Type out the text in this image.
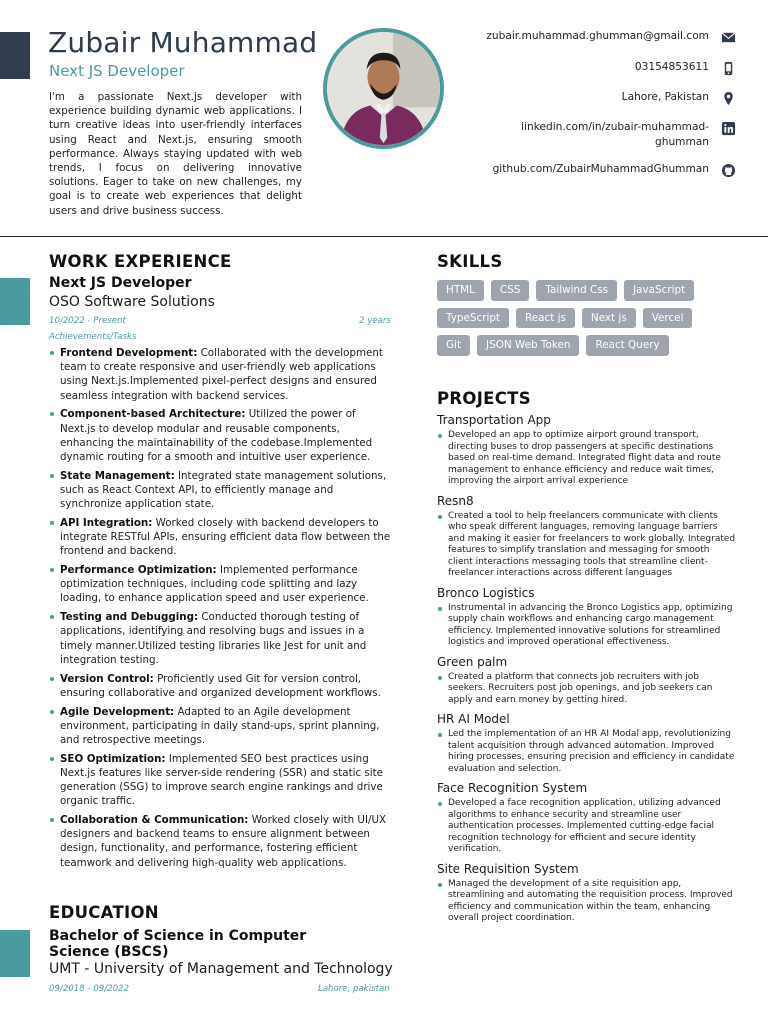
Zubair Muhammad
Next JS Developer

I'm a passionate Next.js developer with experience building dynamic web applications. I turn creative ideas into user-friendly interfaces using React and Next.js, ensuring smooth performance. Always staying updated with web trends, I focus on delivering innovative solutions. Eager to take on new challenges, my goal is to create web experiences that delight users and drive business success.

zubair.muhammad.ghumman@gmail.com
03154853611
Lahore, Pakistan
linkedin.com/in/zubair-muhammad-
ghumman
github.com/ZubairMuhammadGhumman
WORK EXPERIENCE
Next JS Developer
OSO Software Solutions
10/2022 - Present	2 years
Achievements/Tasks
Frontend Development: Collaborated with the development team to create responsive and user-friendly web applications using Next.js.Implemented pixel-perfect designs and ensured seamless integration with backend services.
Component-based Architecture: Utilized the power of Next.js to develop modular and reusable components, enhancing the maintainability of the codebase.Implemented dynamic routing for a smooth and intuitive user experience.
State Management: Integrated state management solutions, such as React Context API, to efficiently manage and synchronize application state.
API Integration: Worked closely with backend developers to integrate RESTful APIs, ensuring efficient data flow between the frontend and backend.
Performance Optimization: Implemented performance optimization techniques, including code splitting and lazy loading, to enhance application speed and user experience.
Testing and Debugging: Conducted thorough testing of applications, identifying and resolving bugs and issues in a timely manner.Utilized testing libraries like Jest for unit and integration testing.
Version Control: Proficiently used Git for version control, ensuring collaborative and organized development workflows.
Agile Development: Adapted to an Agile development environment, participating in daily stand-ups, sprint planning, and retrospective meetings.
SEO Optimization: Implemented SEO best practices using Next.js features like server-side rendering (SSR) and static site generation (SSG) to improve search engine rankings and drive organic traffic.
Collaboration & Communication: Worked closely with UI/UX designers and backend teams to ensure alignment between design, functionality, and performance, fostering efficient teamwork and delivering high-quality web applications.
EDUCATION
Bachelor of Science in Computer Science (BSCS)
UMT - University of Management and Technology
09/2018 - 09/2022	Lahore, pakistan
SKILLS
HTML	CSS	Tailwind Css	JavaScript
TypeScript	React js	Next js	Vercel
Git	JSON Web Token	React Query
PROJECTS
Transportation App
Developed an app to optimize airport ground transport, directing buses to drop passengers at specific destinations based on real-time demand. Integrated flight data and route management to enhance efficiency and reduce wait times, improving the airport arrival experience
Resn8
Created a tool to help freelancers communicate with clients who speak different languages, removing language barriers and making it easier for freelancers to work globally. Integrated features to simplify translation and messaging for smooth client interactions messaging tools that streamline client-freelancer interactions across different languages
Bronco Logistics
Instrumental in advancing the Bronco Logistics app, optimizing supply chain workflows and enhancing cargo management efficiency. Implemented innovative solutions for streamlined logistics and improved operational effectiveness.
Green palm
Created a platform that connects job recruiters with job seekers. Recruiters post job openings, and job seekers can apply and earn money by getting hired.
HR AI Model
Led the implementation of an HR AI Modal app, revolutionizing talent acquisition through advanced automation. Improved hiring processes, ensuring precision and efficiency in candidate evaluation and selection.
Face Recognition System
Developed a face recognition application, utilizing advanced algorithms to enhance security and streamline user authentication processes. Implemented cutting-edge facial recognition technology for efficient and secure identity verification.
Site Requisition System
Managed the development of a site requisition app, streamlining and automating the requisition process. Improved efficiency and communication within the team, enhancing overall project coordination.
